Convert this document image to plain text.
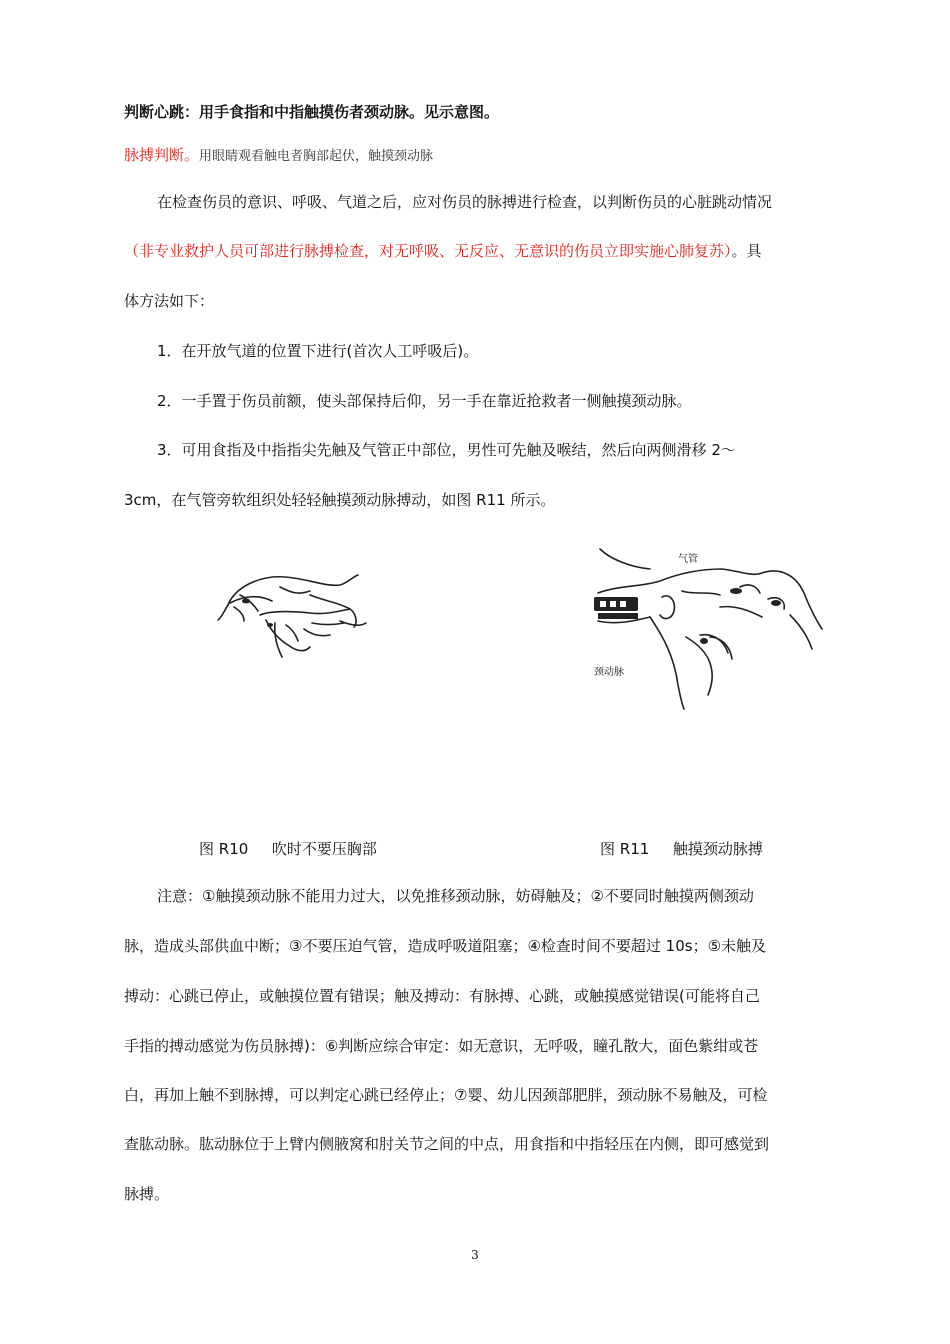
判断心跳：用手食指和中指触摸伤者颈动脉。见示意图。
脉搏判断。用眼睛观看触电者胸部起伏，触摸颈动脉
在检查伤员的意识、呼吸、气道之后，应对伤员的脉搏进行检查，以判断伤员的心脏跳动情况
（非专业救护人员可部进行脉搏检查，对无呼吸、无反应、无意识的伤员立即实施心肺复苏）。具
体方法如下：
1．在开放气道的位置下进行(首次人工呼吸后)。
2．一手置于伤员前额，使头部保持后仰，另一手在靠近抢救者一侧触摸颈动脉。
3．可用食指及中指指尖先触及气管正中部位，男性可先触及喉结，然后向两侧滑移 2～
3cm，在气管旁软组织处轻轻触摸颈动脉搏动，如图 R11 所示。
气管
颈动脉
图 R10 吹时不要压胸部	图 R11 触摸颈动脉搏
注意：①触摸颈动脉不能用力过大，以免推移颈动脉，妨碍触及；②不要同时触摸两侧颈动
脉，造成头部供血中断；③不要压迫气管，造成呼吸道阻塞；④检查时间不要超过 10s；⑤未触及
搏动：心跳已停止，或触摸位置有错误；触及搏动：有脉搏、心跳，或触摸感觉错误(可能将自己
手指的搏动感觉为伤员脉搏)：⑥判断应综合审定：如无意识，无呼吸，瞳孔散大，面色紫绀或苍
白，再加上触不到脉搏，可以判定心跳已经停止；⑦婴、幼儿因颈部肥胖，颈动脉不易触及，可检
查肱动脉。肱动脉位于上臂内侧腋窝和肘关节之间的中点，用食指和中指轻压在内侧，即可感觉到
脉搏。
3
